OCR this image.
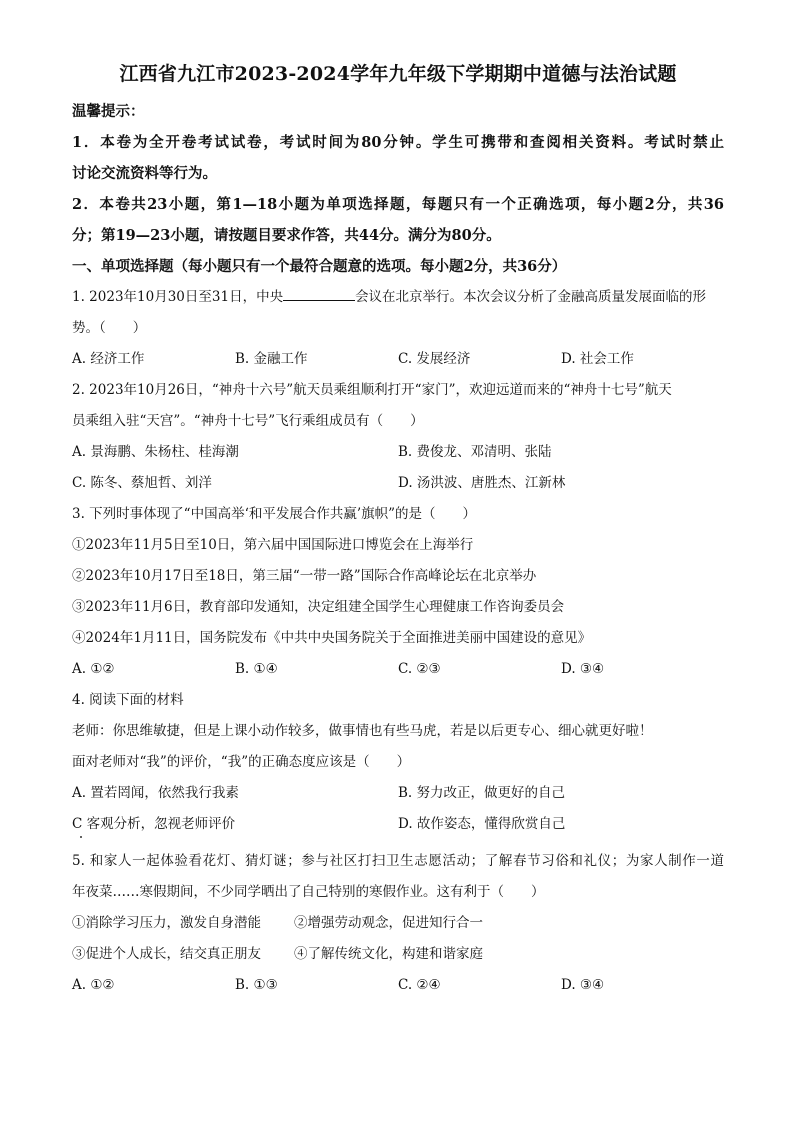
江西省九江市2023-2024学年九年级下学期期中道德与法治试题
温馨提示：
1．本卷为全开卷考试试卷，考试时间为80分钟。学生可携带和查阅相关资料。考试时禁止
讨论交流资料等行为。
2．本卷共23小题，第1—18小题为单项选择题，每题只有一个正确选项，每小题2分，共36
分；第19—23小题，请按题目要求作答，共44分。满分为80分。
一、单项选择题（每小题只有一个最符合题意的选项。每小题2分，共36分）
1. 2023年10月30日至31日，中央	会议在北京举行。本次会议分析了金融高质量发展面临的形
势。（　　）
A. 经济工作	B. 金融工作	C. 发展经济	D. 社会工作
2. 2023年10月26日，“神舟十六号”航天员乘组顺利打开“家门”，欢迎远道而来的“神舟十七号”航天
员乘组入驻“天宫”。“神舟十七号”飞行乘组成员有（　　）
A. 景海鹏、朱杨柱、桂海潮	B. 费俊龙、邓清明、张陆
C. 陈冬、蔡旭哲、刘洋	D. 汤洪波、唐胜杰、江新林
3. 下列时事体现了“中国高举‘和平发展合作共赢’旗帜”的是（　　）
①2023年11月5日至10日，第六届中国国际进口博览会在上海举行
②2023年10月17日至18日，第三届“一带一路”国际合作高峰论坛在北京举办
③2023年11月6日，教育部印发通知，决定组建全国学生心理健康工作咨询委员会
④2024年1月11日，国务院发布《中共中央国务院关于全面推进美丽中国建设的意见》
A. ①②	B. ①④	C. ②③	D. ③④
4. 阅读下面的材料
老师：你思维敏捷，但是上课小动作较多，做事情也有些马虎，若是以后更专心、细心就更好啦！
面对老师对“我”的评价，“我”的正确态度应该是（　　）
A. 置若罔闻，依然我行我素	B. 努力改正，做更好的自己
C 客观分析，忽视老师评价	D. 故作姿态，懂得欣赏自己
5. 和家人一起体验看花灯、猜灯谜；参与社区打扫卫生志愿活动；了解春节习俗和礼仪；为家人制作一道
年夜菜……寒假期间，不少同学晒出了自己特别的寒假作业。这有利于（　　）
①消除学习压力，激发自身潜能	②增强劳动观念，促进知行合一
③促进个人成长，结交真正朋友	④了解传统文化，构建和谐家庭
A. ①②	B. ①③	C. ②④	D. ③④
